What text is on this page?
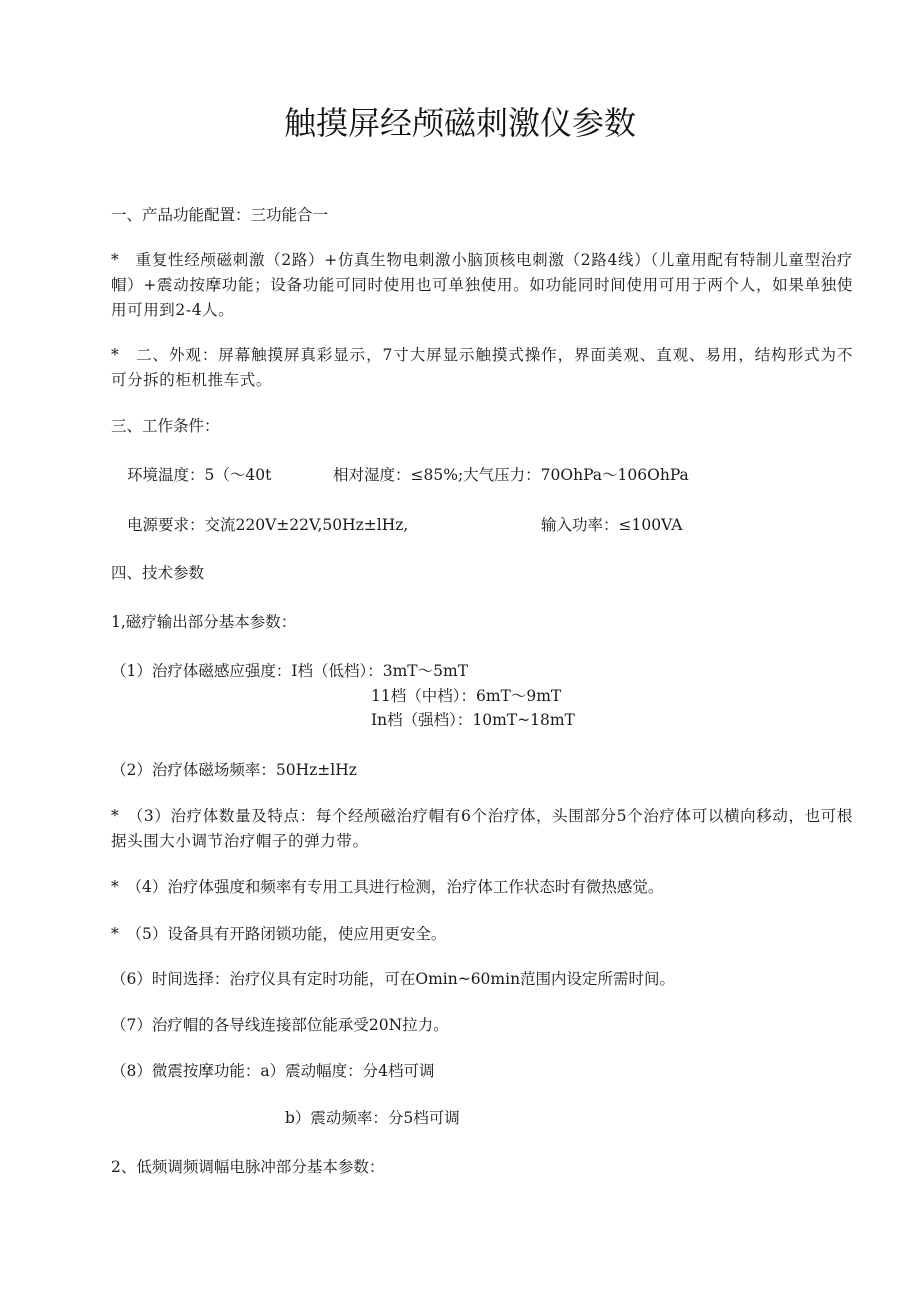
触摸屏经颅磁刺激仪参数
一、产品功能配置：三功能合一
*　重复性经颅磁刺激（2路）+仿真生物电刺激小脑顶核电刺激（2路4线）（儿童用配有特制儿童型治疗帽）+震动按摩功能；设备功能可同时使用也可单独使用。如功能同时间使用可用于两个人，如果单独使用可用到2-4人。
*　二、外观：屏幕触摸屏真彩显示，7寸大屏显示触摸式操作，界面美观、直观、易用，结构形式为不可分拆的柜机推车式。
三、工作条件：
环境温度：5（～40t	相对湿度：≤85%;大气压力：70OhPa～106OhPa
电源要求：交流220V±22V,50Hz±lHz,	输入功率：≤100VA
四、技术参数
1,磁疗输出部分基本参数：
（1）治疗体磁感应强度：I档（低档）：3mT～5mT
11档（中档）：6mT～9mT
In档（强档）：10mT~18mT
（2）治疗体磁场频率：50Hz±lHz
*　（3）治疗体数量及特点：每个经颅磁治疗帽有6个治疗体，头围部分5个治疗体可以横向移动，也可根据头围大小调节治疗帽子的弹力带。
*　（4）治疗体强度和频率有专用工具进行检测，治疗体工作状态时有微热感觉。
*　（5）设备具有开路闭锁功能，使应用更安全。
（6）时间选择：治疗仪具有定时功能，可在Omin~60min范围内设定所需时间。
（7）治疗帽的各导线连接部位能承受20N拉力。
（8）微震按摩功能：a）震动幅度：分4档可调
b）震动频率：分5档可调
2、低频调频调幅电脉冲部分基本参数：
